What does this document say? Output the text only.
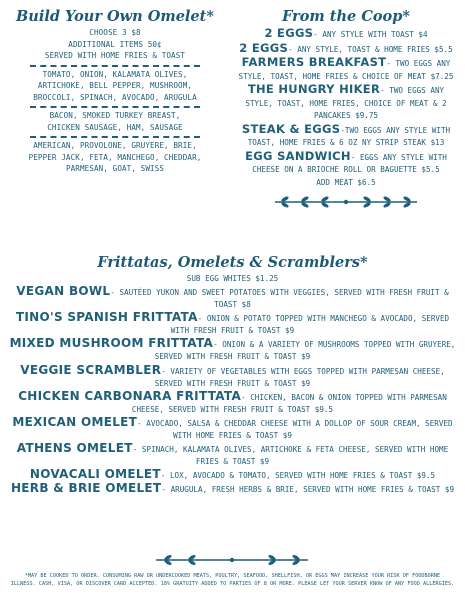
Build Your Own Omelet*
CHOOSE 3 $8
ADDITIONAL ITEMS 50¢
SERVED WITH HOME FRIES & TOAST
TOMATO, ONION, KALAMATA OLIVES,
ARTICHOKE, BELL PEPPER, MUSHROOM,
BROCCOLI, SPINACH, AVOCADO, ARUGULA
BACON, SMOKED TURKEY BREAST,
CHICKEN SAUSAGE, HAM, SAUSAGE
AMERICAN, PROVOLONE, GRUYERE, BRIE,
PEPPER JACK, FETA, MANCHEGO, CHEDDAR,
PARMESAN, GOAT, SWISS
From the Coop*
2 EGGS- ANY STYLE WITH TOAST $4
2 EGGS- ANY STYLE, TOAST & HOME FRIES $5.5
FARMERS BREAKFAST- TWO EGGS ANY STYLE, TOAST, HOME FRIES & CHOICE OF MEAT $7.25
THE HUNGRY HIKER- TWO EGGS ANY STYLE, TOAST, HOME FRIES, CHOICE OF MEAT & 2 PANCAKES $9.75
STEAK & EGGS-TWO EGGS ANY STYLE WITH TOAST, HOME FRIES & 6 OZ NY STRIP STEAK $13
EGG SANDWICH- EGGS ANY STYLE WITH CHEESE ON A BRIOCHE ROLL OR BAGUETTE $5.5
ADD MEAT $6.5
Frittatas, Omelets & Scramblers*
SUB EGG WHITES $1.25
VEGAN BOWL- SAUTÉED YUKON AND SWEET POTATOES WITH VEGGIES, SERVED WITH FRESH FRUIT & TOAST $8
TINO'S SPANISH FRITTATA- ONION & POTATO TOPPED WITH MANCHEGO & AVOCADO, SERVED WITH FRESH FRUIT & TOAST $9
MIXED MUSHROOM FRITTATA- ONION & A VARIETY OF MUSHROOMS TOPPED WITH GRUYERE, SERVED WITH FRESH FRUIT & TOAST $9
VEGGIE SCRAMBLER- VARIETY OF VEGETABLES WITH EGGS TOPPED WITH PARMESAN CHEESE, SERVED WITH FRESH FRUIT & TOAST $9
CHICKEN CARBONARA FRITTATA- CHICKEN, BACON & ONION TOPPED WITH PARMESAN CHEESE, SERVED WITH FRESH FRUIT & TOAST $9.5
MEXICAN OMELET- AVOCADO, SALSA & CHEDDAR CHEESE WITH A DOLLOP OF SOUR CREAM, SERVED WITH HOME FRIES & TOAST $9
ATHENS OMELET- SPINACH, KALAMATA OLIVES, ARTICHOKE & FETA CHEESE, SERVED WITH HOME FRIES & TOAST $9
NOVACALI OMELET- LOX, AVOCADO & TOMATO, SERVED WITH HOME FRIES & TOAST $9.5
HERB & BRIE OMELET- ARUGULA, FRESH HERBS & BRIE, SERVED WITH HOME FRIES & TOAST $9
*MAY BE COOKED TO ORDER. CONSUMING RAW OR UNDERCOOKED MEATS, POULTRY, SEAFOOD, SHELLFISH, OR EGGS MAY INCREASE YOUR RISK OF FOODBORNE
ILLNESS. CASH, VISA, OR DISCOVER CARD ACCEPTED. 18% GRATUITY ADDED TO PARTIES OF 8 OR MORE. PLEASE LET YOUR SERVER KNOW OF ANY FOOD ALLERGIES.
